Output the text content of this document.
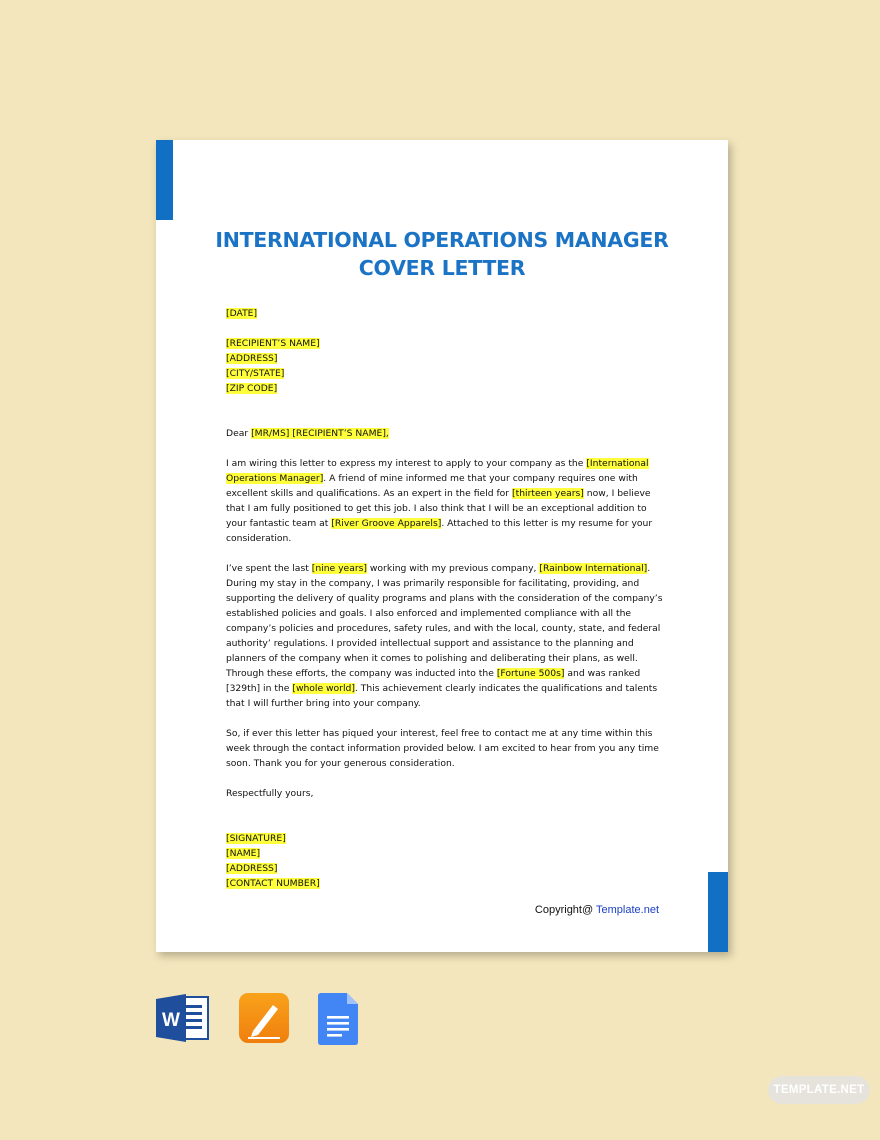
INTERNATIONAL OPERATIONS MANAGER
COVER LETTER
[DATE]
[RECIPIENT’S NAME]
[ADDRESS]
[CITY/STATE]
[ZIP CODE]
Dear [MR/MS] [RECIPIENT’S NAME],
I am wiring this letter to express my interest to apply to your company as the [International Operations Manager]. A friend of mine informed me that your company requires one with excellent skills and qualifications. As an expert in the field for [thirteen years] now, I believe that I am fully positioned to get this job. I also think that I will be an exceptional addition to your fantastic team at [River Groove Apparels]. Attached to this letter is my resume for your consideration.
I’ve spent the last [nine years] working with my previous company, [Rainbow International]. During my stay in the company, I was primarily responsible for facilitating, providing, and supporting the delivery of quality programs and plans with the consideration of the company’s established policies and goals. I also enforced and implemented compliance with all the company’s policies and procedures, safety rules, and with the local, county, state, and federal authority’ regulations. I provided intellectual support and assistance to the planning and planners of the company when it comes to polishing and deliberating their plans, as well. Through these efforts, the company was inducted into the [Fortune 500s] and was ranked [329th] in the [whole world]. This achievement clearly indicates the qualifications and talents that I will further bring into your company.
So, if ever this letter has piqued your interest, feel free to contact me at any time within this week through the contact information provided below. I am excited to hear from you any time soon. Thank you for your generous consideration.
Respectfully yours,
[SIGNATURE]
[NAME]
[ADDRESS]
[CONTACT NUMBER]
Copyright@ Template.net
W
TEMPLATE.NET
